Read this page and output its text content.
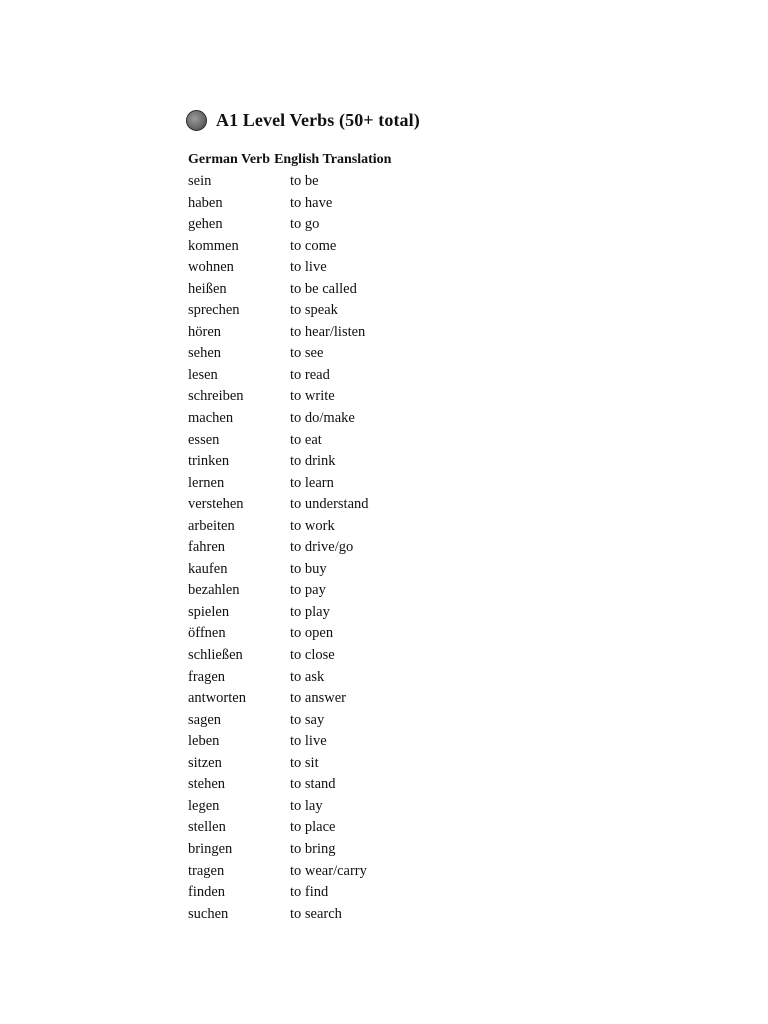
A1 Level Verbs (50+ total)
German Verb English Translation
sein	to be
haben	to have
gehen	to go
kommen	to come
wohnen	to live
heißen	to be called
sprechen	to speak
hören	to hear/listen
sehen	to see
lesen	to read
schreiben	to write
machen	to do/make
essen	to eat
trinken	to drink
lernen	to learn
verstehen	to understand
arbeiten	to work
fahren	to drive/go
kaufen	to buy
bezahlen	to pay
spielen	to play
öffnen	to open
schließen	to close
fragen	to ask
antworten	to answer
sagen	to say
leben	to live
sitzen	to sit
stehen	to stand
legen	to lay
stellen	to place
bringen	to bring
tragen	to wear/carry
finden	to find
suchen	to search
